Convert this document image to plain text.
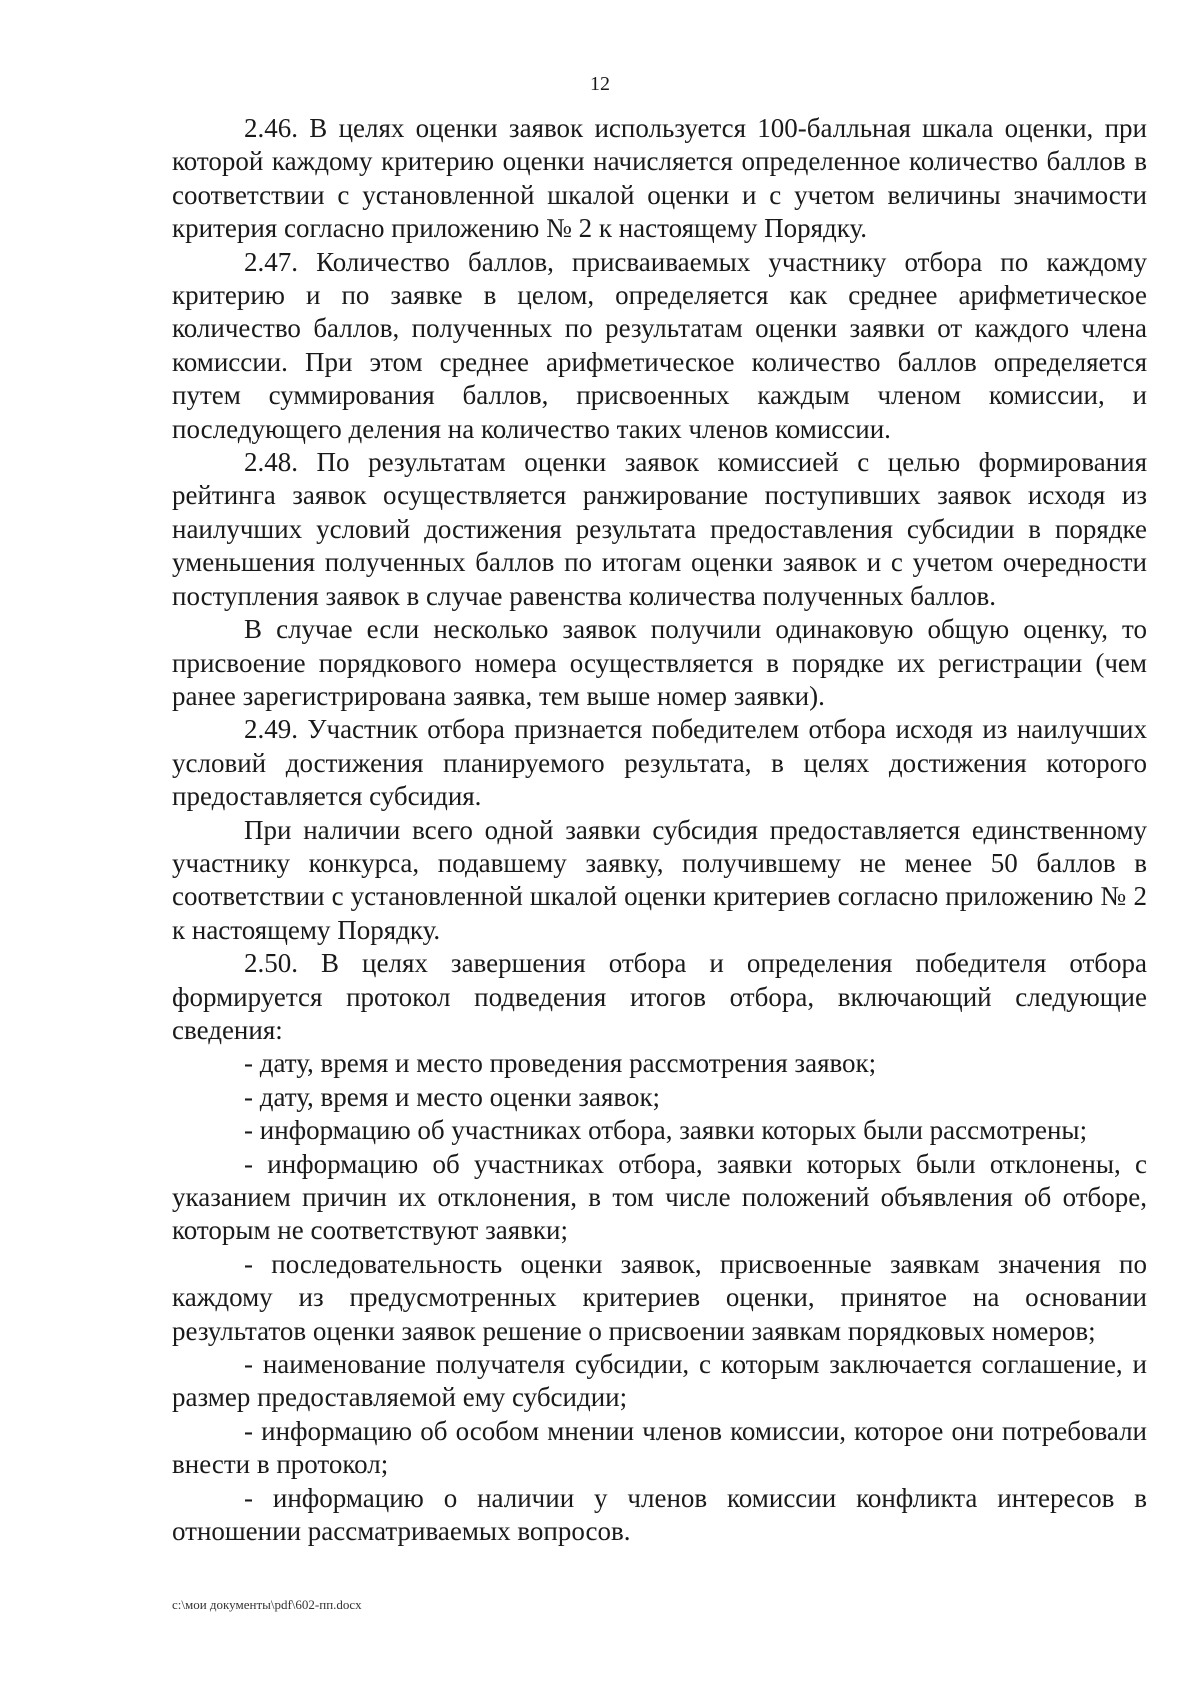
12

2.46. В целях оценки заявок используется 100-балльная шкала оценки, при которой каждому критерию оценки начисляется определенное количество баллов в соответствии с установленной шкалой оценки и с учетом величины значимости критерия согласно приложению № 2 к настоящему Порядку.

2.47. Количество баллов, присваиваемых участнику отбора по каждому критерию и по заявке в целом, определяется как среднее арифметическое количество баллов, полученных по результатам оценки заявки от каждого члена комиссии. При этом среднее арифметическое количество баллов определяется путем суммирования баллов, присвоенных каждым членом комиссии, и последующего деления на количество таких членов комиссии.

2.48. По результатам оценки заявок комиссией с целью формирования рейтинга заявок осуществляется ранжирование поступивших заявок исходя из наилучших условий достижения результата предоставления субсидии в порядке уменьшения полученных баллов по итогам оценки заявок и с учетом очередности поступления заявок в случае равенства количества полученных баллов.

В случае если несколько заявок получили одинаковую общую оценку, то присвоение порядкового номера осуществляется в порядке их регистрации (чем ранее зарегистрирована заявка, тем выше номер заявки).

2.49. Участник отбора признается победителем отбора исходя из наилучших условий достижения планируемого результата, в целях достижения которого предоставляется субсидия.

При наличии всего одной заявки субсидия предоставляется единственному участнику конкурса, подавшему заявку, получившему не менее 50 баллов в соответствии с установленной шкалой оценки критериев согласно приложению № 2 к настоящему Порядку.

2.50. В целях завершения отбора и определения победителя отбора формируется протокол подведения итогов отбора, включающий следующие сведения:

- дату, время и место проведения рассмотрения заявок;

- дату, время и место оценки заявок;

- информацию об участниках отбора, заявки которых были рассмотрены;

- информацию об участниках отбора, заявки которых были отклонены, с указанием причин их отклонения, в том числе положений объявления об отборе, которым не соответствуют заявки;

- последовательность оценки заявок, присвоенные заявкам значения по каждому из предусмотренных критериев оценки, принятое на основании результатов оценки заявок решение о присвоении заявкам порядковых номеров;

- наименование получателя субсидии, с которым заключается соглашение, и размер предоставляемой ему субсидии;

- информацию об особом мнении членов комиссии, которое они потребовали внести в протокол;

- информацию о наличии у членов комиссии конфликта интересов в отношении рассматриваемых вопросов.

c:\мои документы\pdf\602-пп.docx
